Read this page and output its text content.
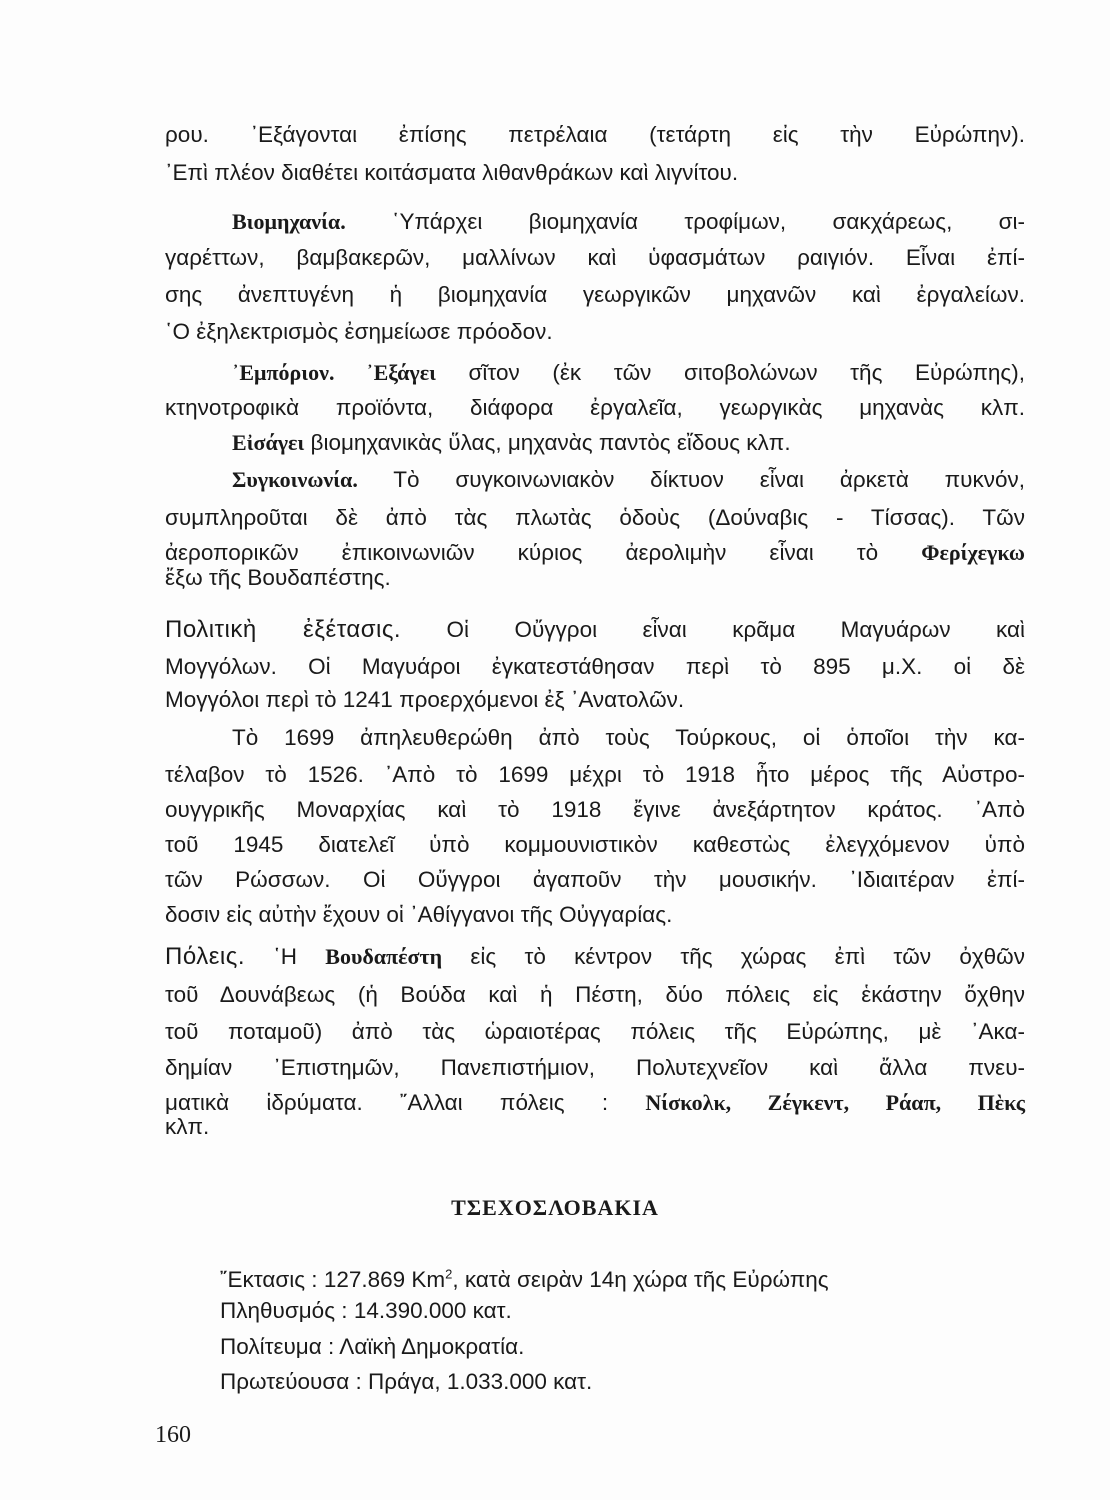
ρου. ᾿Εξάγονται ἐπίσης πετρέλαια (τετάρτη εἰς τὴν Εὐρώπην).
᾿Επὶ πλέον διαθέτει κοιτάσματα λιθανθράκων καὶ λιγνίτου.
Βιομηχανία. ῾Υπάρχει βιομηχανία τροφίμων, σακχάρεως, σι-
γαρέττων, βαμβακερῶν, μαλλίνων καὶ ὑφασμάτων ραιγιόν. Εἶναι ἐπί-
σης ἀνεπτυγένη ἡ βιομηχανία γεωργικῶν μηχανῶν καὶ ἐργαλείων.
῾Ο ἐξηλεκτρισμὸς ἐσημείωσε πρόοδον.
᾿Εμπόριον. ᾿Εξάγει σῖτον (ἐκ τῶν σιτοβολώνων τῆς Εὐρώπης),
κτηνοτροφικὰ προϊόντα, διάφορα ἐργαλεῖα, γεωργικὰς μηχανὰς κλπ.
Εἰσάγει βιομηχανικὰς ὕλας, μηχανὰς παντὸς εἴδους κλπ.
Συγκοινωνία. Τὸ συγκοινωνιακὸν δίκτυον εἶναι ἀρκετὰ πυκνόν,
συμπληροῦται δὲ ἀπὸ τὰς πλωτὰς ὁδοὺς (Δούναβις - Τίσσας). Τῶν
ἀεροπορικῶν ἐπικοινωνιῶν κύριος ἀερολιμὴν εἶναι τὸ Φερίχεγκω
ἔξω τῆς Βουδαπέστης.
Πολιτικὴ ἐξέτασις. Οἱ Οὔγγροι εἶναι κρᾶμα Μαγυάρων καὶ
Μογγόλων. Οἱ Μαγυάροι ἐγκατεστάθησαν περὶ τὸ 895 μ.Χ. οἱ δὲ
Μογγόλοι περὶ τὸ 1241 προερχόμενοι ἐξ ᾿Ανατολῶν.
Τὸ 1699 ἀπηλευθερώθη ἀπὸ τοὺς Τούρκους, οἱ ὁποῖοι τὴν κα-
τέλαβον τὸ 1526. ᾿Απὸ τὸ 1699 μέχρι τὸ 1918 ἦτο μέρος τῆς Αὐστρο-
ουγγρικῆς Μοναρχίας καὶ τὸ 1918 ἔγινε ἀνεξάρτητον κράτος. ᾿Απὸ
τοῦ 1945 διατελεῖ ὑπὸ κομμουνιστικὸν καθεστὼς ἐλεγχόμενον ὑπὸ
τῶν Ρώσσων. Οἱ Οὔγγροι ἀγαποῦν τὴν μουσικήν. ᾿Ιδιαιτέραν ἐπί-
δοσιν εἰς αὐτὴν ἔχουν οἱ ᾿Αθίγγανοι τῆς Οὐγγαρίας.
Πόλεις. ῾Η Βουδαπέστη εἰς τὸ κέντρον τῆς χώρας ἐπὶ τῶν ὀχθῶν
τοῦ Δουνάβεως (ἡ Βούδα καὶ ἡ Πέστη, δύο πόλεις εἰς ἑκάστην ὄχθην
τοῦ ποταμοῦ) ἀπὸ τὰς ὡραιοτέρας πόλεις τῆς Εὐρώπης, μὲ ᾿Ακα-
δημίαν ᾿Επιστημῶν, Πανεπιστήμιον, Πολυτεχνεῖον καὶ ἄλλα πνευ-
ματικὰ ἱδρύματα. ῎Αλλαι πόλεις : Νίσκολκ, Ζέγκεντ, Ράαπ, Πὲκς
κλπ.
ΤΣΕΧΟΣΛΟΒΑΚΙΑ
῎Εκτασις : 127.869 Km$^2$, κατὰ σειρὰν 14η χώρα τῆς Εὐρώπης
Πληθυσμός : 14.390.000 κατ.
Πολίτευμα : Λαϊκὴ Δημοκρατία.
Πρωτεύουσα : Πράγα, 1.033.000 κατ.
160
